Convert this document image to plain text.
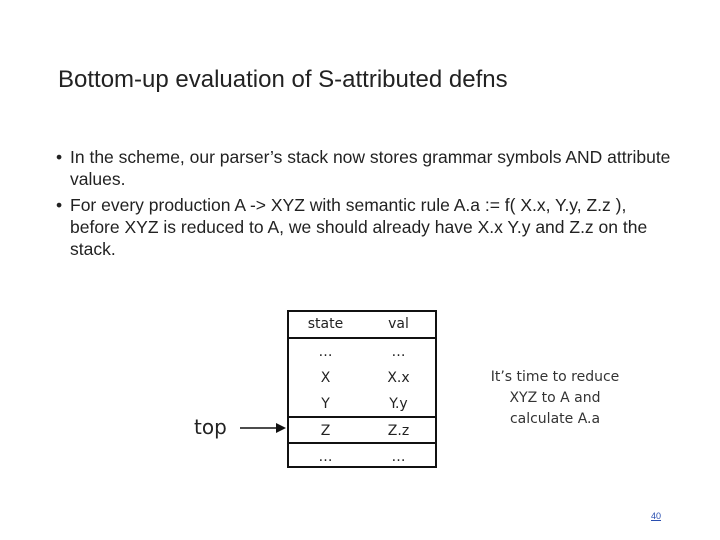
Bottom-up evaluation of S-attributed defns
• In the scheme, our parser’s stack now stores grammar symbols AND attribute values.
• For every production A -> XYZ with semantic rule A.a := f( X.x, Y.y, Z.z ), before XYZ is reduced to A, we should already have X.x Y.y and Z.z on the stack.
state	val
…	…
X	X.x
Y	Y.y
Z	Z.z
…	…
top
It’s time to reduce
XYZ to A and
calculate A.a
40
